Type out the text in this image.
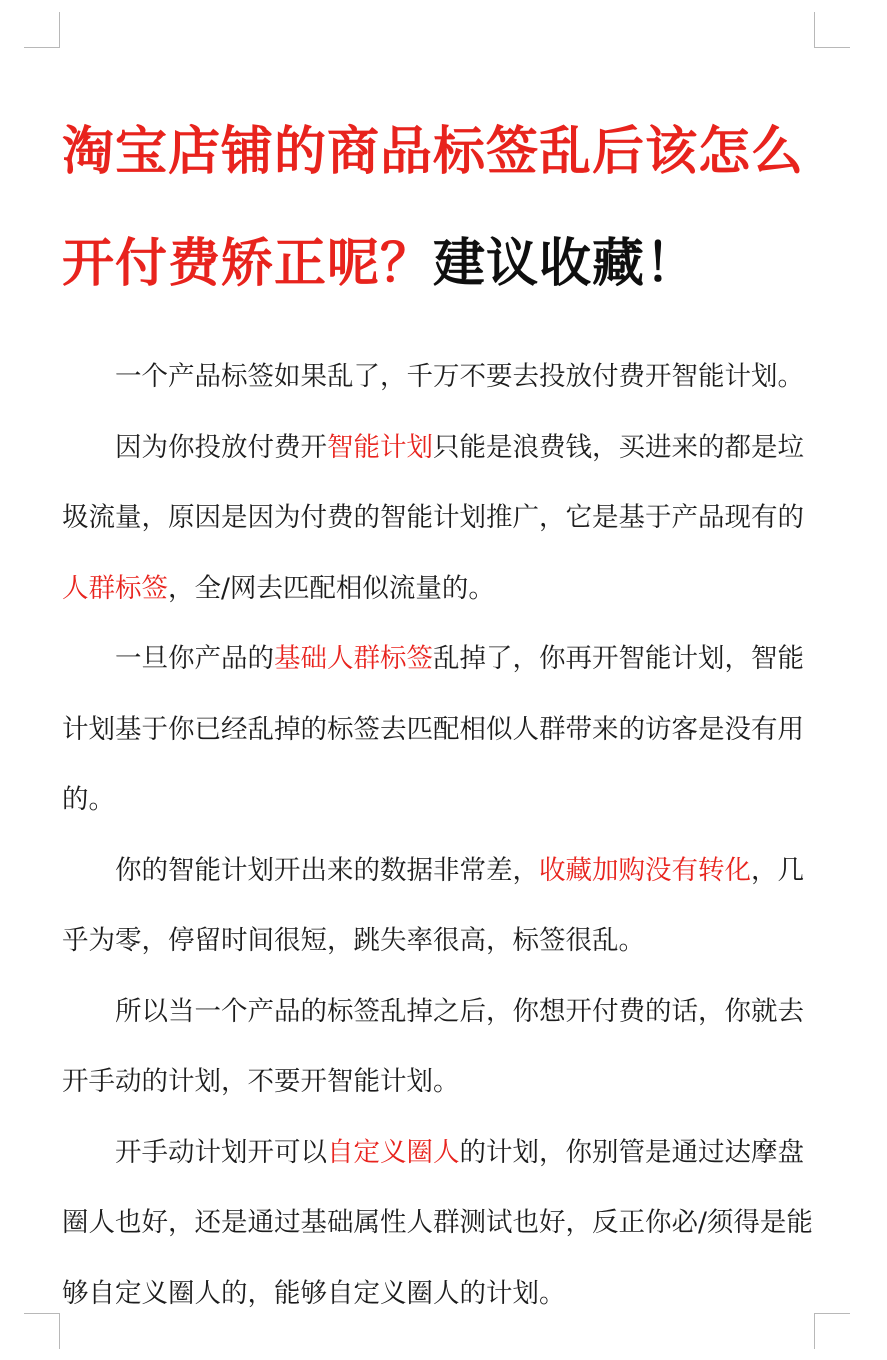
淘宝店铺的商品标签乱后该怎么开付费矫正呢？建议收藏！

一个产品标签如果乱了，千万不要去投放付费开智能计划。

因为你投放付费开智能计划只能是浪费钱，买进来的都是垃圾流量，原因是因为付费的智能计划推广，它是基于产品现有的人群标签，全/网去匹配相似流量的。

一旦你产品的基础人群标签乱掉了，你再开智能计划，智能计划基于你已经乱掉的标签去匹配相似人群带来的访客是没有用的。

你的智能计划开出来的数据非常差，收藏加购没有转化，几乎为零，停留时间很短，跳失率很高，标签很乱。

所以当一个产品的标签乱掉之后，你想开付费的话，你就去开手动的计划，不要开智能计划。

开手动计划开可以自定义圈人的计划，你别管是通过达摩盘圈人也好，还是通过基础属性人群测试也好，反正你必/须得是能够自定义圈人的，能够自定义圈人的计划。
